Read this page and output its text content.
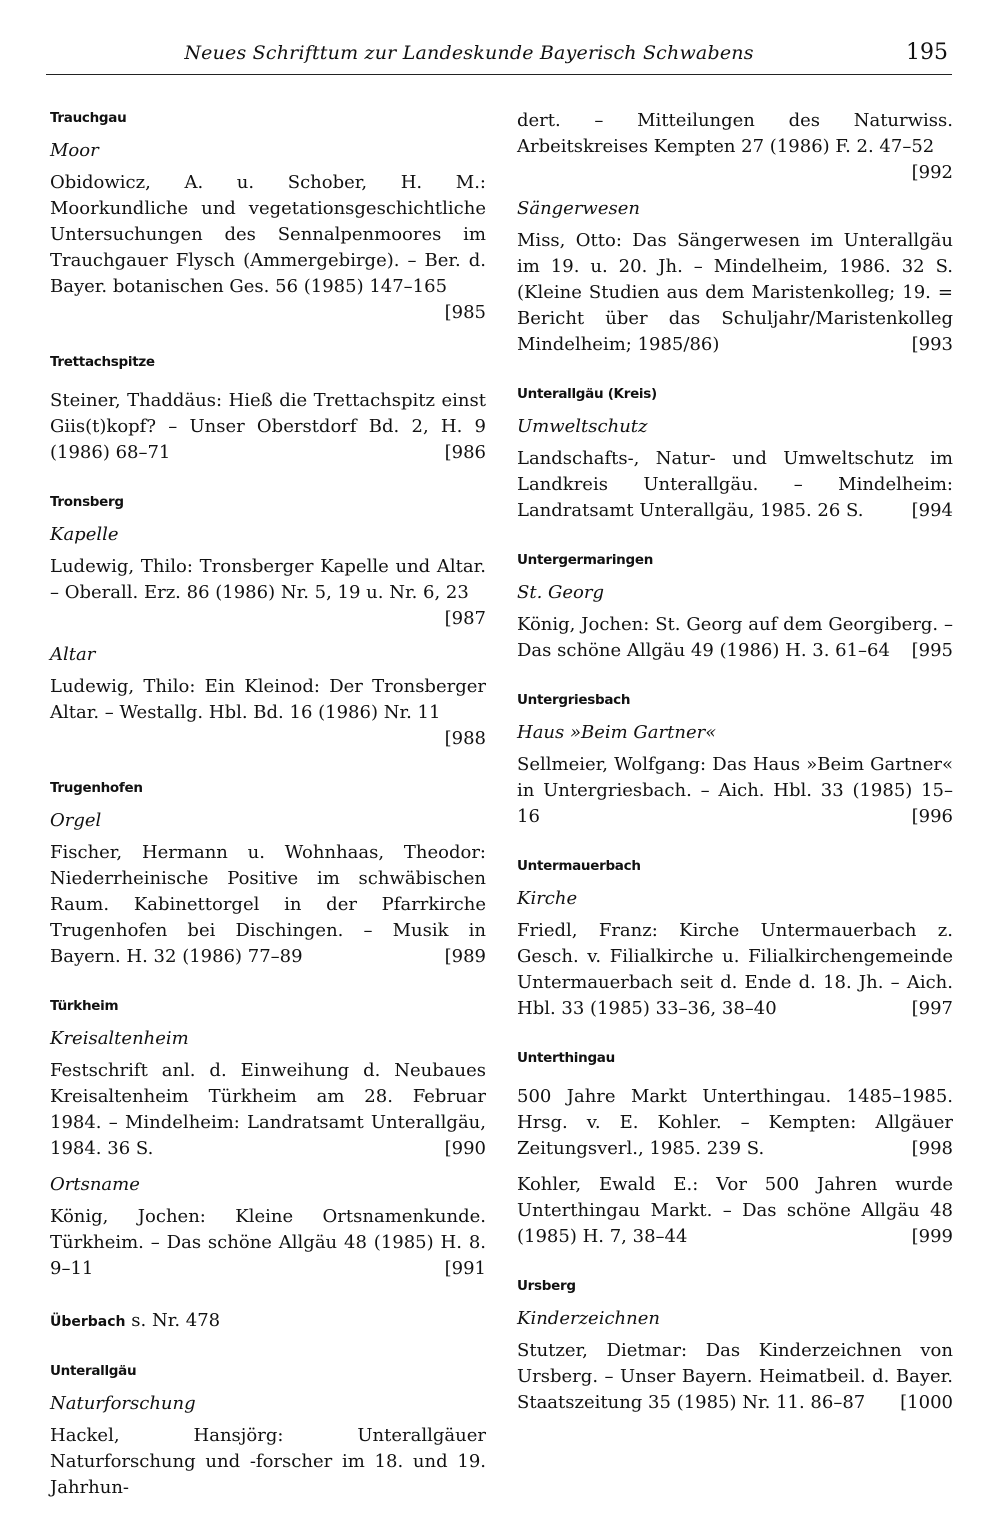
Neues Schrifttum zur Landeskunde Bayerisch Schwabens	195
Trauchgau
Moor
Obidowicz, A. u. Schober, H. M.: Moorkundliche und vegetationsgeschichtliche Untersuchungen des Sennalpenmoores im Trauchgauer Flysch (Ammergebirge). – Ber. d. Bayer. botanischen Ges. 56 (1985) 147–165
[985
Trettachspitze
Steiner, Thaddäus: Hieß die Trettachspitz einst Giis(t)kopf? – Unser Oberstdorf Bd. 2, H. 9 (1986) 68–71	[986
Tronsberg
Kapelle
Ludewig, Thilo: Tronsberger Kapelle und Altar. – Oberall. Erz. 86 (1986) Nr. 5, 19 u. Nr. 6, 23
[987
Altar
Ludewig, Thilo: Ein Kleinod: Der Tronsberger Altar. – Westallg. Hbl. Bd. 16 (1986) Nr. 11
[988
Trugenhofen
Orgel
Fischer, Hermann u. Wohnhaas, Theodor: Niederrheinische Positive im schwäbischen Raum. Kabinettorgel in der Pfarrkirche Trugenhofen bei Dischingen. – Musik in Bayern. H. 32 (1986) 77–89	[989
Türkheim
Kreisaltenheim
Festschrift anl. d. Einweihung d. Neubaues Kreisaltenheim Türkheim am 28. Februar 1984. – Mindelheim: Landratsamt Unterallgäu, 1984. 36 S.	[990
Ortsname
König, Jochen: Kleine Ortsnamenkunde. Türkheim. – Das schöne Allgäu 48 (1985) H. 8. 9–11	[991
Überbach s. Nr. 478
Unterallgäu
Naturforschung
Hackel, Hansjörg: Unterallgäuer Naturforschung und -forscher im 18. und 19. Jahrhun-
dert. – Mitteilungen des Naturwiss. Arbeitskreises Kempten 27 (1986) F. 2. 47–52
[992
Sängerwesen
Miss, Otto: Das Sängerwesen im Unterallgäu im 19. u. 20. Jh. – Mindelheim, 1986. 32 S. (Kleine Studien aus dem Maristenkolleg; 19. = Bericht über das Schuljahr/Maristenkolleg Mindelheim; 1985/86)	[993
Unterallgäu (Kreis)
Umweltschutz
Landschafts-, Natur- und Umweltschutz im Landkreis Unterallgäu. – Mindelheim: Landratsamt Unterallgäu, 1985. 26 S.	[994
Untergermaringen
St. Georg
König, Jochen: St. Georg auf dem Georgiberg. – Das schöne Allgäu 49 (1986) H. 3. 61–64 [995
Untergriesbach
Haus »Beim Gartner«
Sellmeier, Wolfgang: Das Haus »Beim Gartner« in Untergriesbach. – Aich. Hbl. 33 (1985) 15–16	[996
Untermauerbach
Kirche
Friedl, Franz: Kirche Untermauerbach z. Gesch. v. Filialkirche u. Filialkirchengemeinde Untermauerbach seit d. Ende d. 18. Jh. – Aich. Hbl. 33 (1985) 33–36, 38–40	[997
Unterthingau
500 Jahre Markt Unterthingau. 1485–1985. Hrsg. v. E. Kohler. – Kempten: Allgäuer Zeitungsverl., 1985. 239 S.	[998
Kohler, Ewald E.: Vor 500 Jahren wurde Unterthingau Markt. – Das schöne Allgäu 48 (1985) H. 7, 38–44	[999
Ursberg
Kinderzeichnen
Stutzer, Dietmar: Das Kinderzeichnen von Ursberg. – Unser Bayern. Heimatbeil. d. Bayer. Staatszeitung 35 (1985) Nr. 11. 86–87 [1000
